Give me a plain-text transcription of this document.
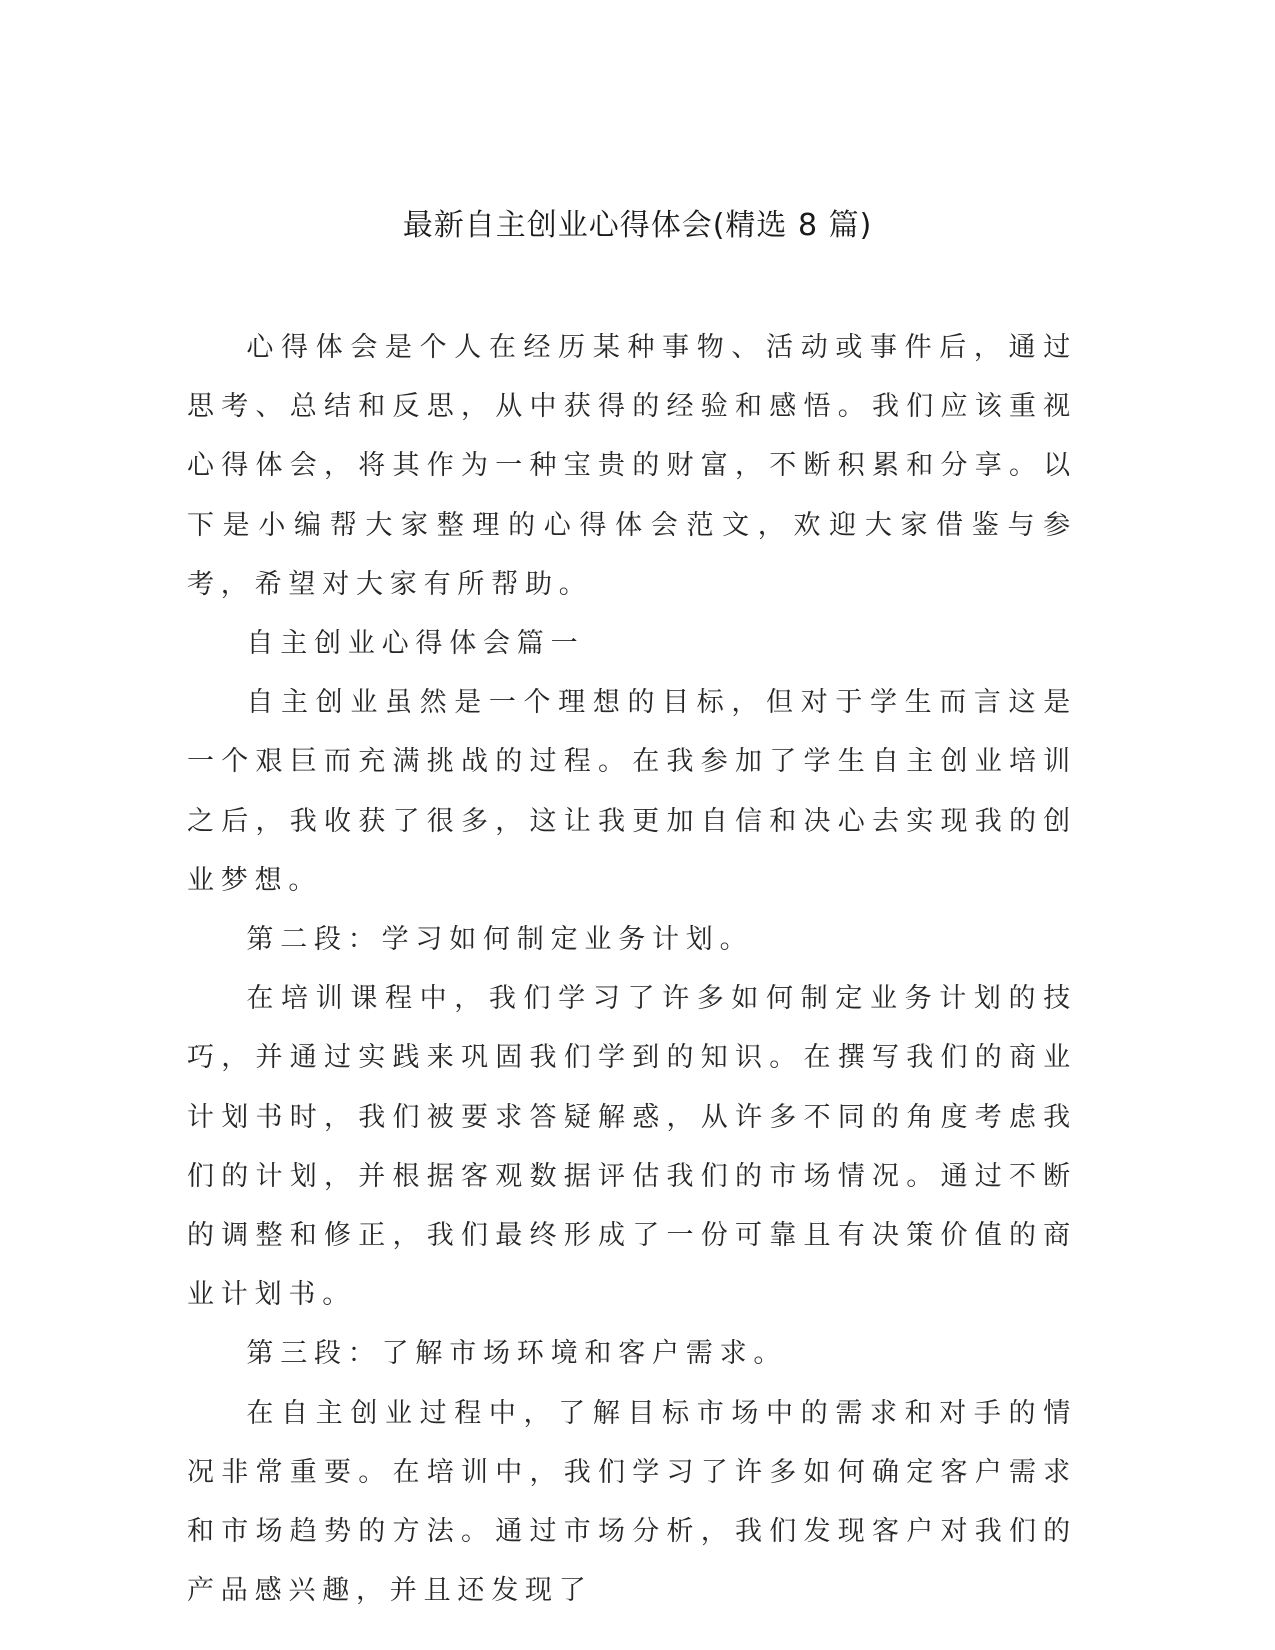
最新自主创业心得体会(精选 8 篇)

心得体会是个人在经历某种事物、活动或事件后，通过思考、总结和反思，从中获得的经验和感悟。我们应该重视心得体会，将其作为一种宝贵的财富，不断积累和分享。以下是小编帮大家整理的心得体会范文，欢迎大家借鉴与参考，希望对大家有所帮助。

自主创业心得体会篇一

自主创业虽然是一个理想的目标，但对于学生而言这是一个艰巨而充满挑战的过程。在我参加了学生自主创业培训之后，我收获了很多，这让我更加自信和决心去实现我的创业梦想。

第二段：学习如何制定业务计划。

在培训课程中，我们学习了许多如何制定业务计划的技巧，并通过实践来巩固我们学到的知识。在撰写我们的商业计划书时，我们被要求答疑解惑，从许多不同的角度考虑我们的计划，并根据客观数据评估我们的市场情况。通过不断的调整和修正，我们最终形成了一份可靠且有决策价值的商业计划书。

第三段：了解市场环境和客户需求。

在自主创业过程中，了解目标市场中的需求和对手的情况非常重要。在培训中，我们学习了许多如何确定客户需求和市场趋势的方法。通过市场分析，我们发现客户对我们的产品感兴趣，并且还发现了
